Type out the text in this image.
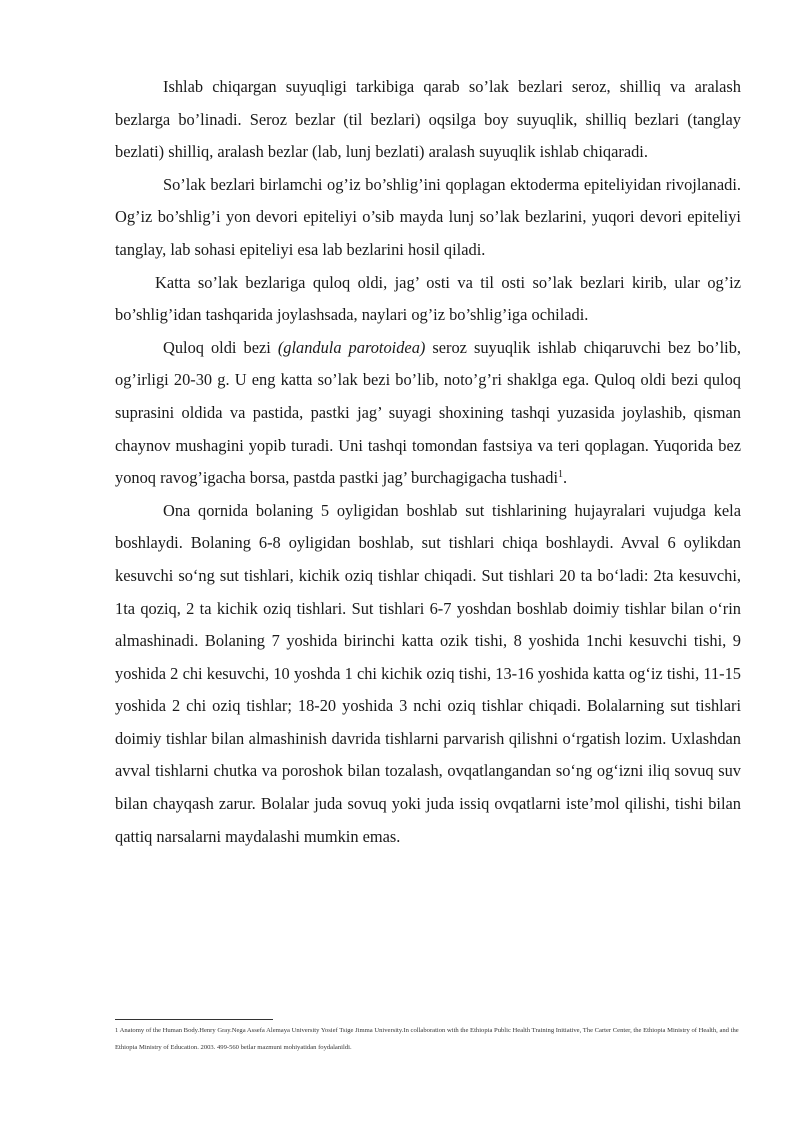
Ishlab chiqargan suyuqligi tarkibiga qarab so’lak bezlari seroz, shilliq va aralash bezlarga bo’linadi. Seroz bezlar (til bezlari) oqsilga boy suyuqlik, shilliq bezlari (tanglay bezlati) shilliq, aralash bezlar (lab, lunj bezlati) aralash suyuqlik ishlab chiqaradi.

So’lak bezlari birlamchi og’iz bo’shlig’ini qoplagan ektoderma epiteliyidan rivojlanadi. Og’iz bo’shlig’i yon devori epiteliyi o’sib mayda lunj so’lak bezlarini, yuqori devori epiteliyi tanglay, lab sohasi epiteliyi esa lab bezlarini hosil qiladi.

Katta so’lak bezlariga quloq oldi, jag’ osti va til osti so’lak bezlari kirib, ular og’iz bo’shlig’idan tashqarida joylashsada, naylari og’iz bo’shlig’iga ochiladi.

Quloq oldi bezi (glandula parotoidea) seroz suyuqlik ishlab chiqaruvchi bez bo’lib, og’irligi 20-30 g. U eng katta so’lak bezi bo’lib, noto’g’ri shaklga ega. Quloq oldi bezi quloq suprasini oldida va pastida, pastki jag’ suyagi shoxining tashqi yuzasida joylashib, qisman chaynov mushagini yopib turadi. Uni tashqi tomondan fastsiya va teri qoplagan. Yuqorida bez yonoq ravog’igacha borsa, pastda pastki jag’ burchagigacha tushadi$^1$.

Ona qornida bolaning 5 oyligidan boshlab sut tishlarining hujayralari vujudga kela boshlaydi. Bolaning 6-8 oyligidan boshlab, sut tishlari chiqa boshlaydi. Avval 6 oylikdan kesuvchi so‘ng sut tishlari, kichik oziq tishlar chiqadi. Sut tishlari 20 ta bo‘ladi: 2ta kesuvchi, 1ta qoziq, 2 ta kichik oziq tishlari. Sut tishlari 6-7 yoshdan boshlab doimiy tishlar bilan o‘rin almashinadi. Bolaning 7 yoshida birinchi katta ozik tishi, 8 yoshida 1nchi kesuvchi tishi, 9 yoshida 2 chi kesuvchi, 10 yoshda 1 chi kichik oziq tishi, 13-16 yoshida katta og‘iz tishi, 11-15 yoshida 2 chi oziq tishlar; 18-20 yoshida 3 nchi oziq tishlar chiqadi. Bolalarning sut tishlari doimiy tishlar bilan almashinish davrida tishlarni parvarish qilishni o‘rgatish lozim. Uxlashdan avval tishlarni chutka va poroshok bilan tozalash, ovqatlangandan so‘ng og‘izni iliq sovuq suv bilan chayqash zarur. Bolalar juda sovuq yoki juda issiq ovqatlarni iste’mol qilishi, tishi bilan qattiq narsalarni maydalashi mumkin emas.

1 Anatomy of the Human Body.Henry Gray.Nega Assefa Alemaya University Yosief Tsige Jimma University.In collaboration with the Ethiopia Public Health Training Initiative, The Carter Center, the Ethiopia Ministry of Health, and the Ethiopia Ministry of Education. 2003. 499-560 betlar mazmuni mohiyatidan foydalanildi.
